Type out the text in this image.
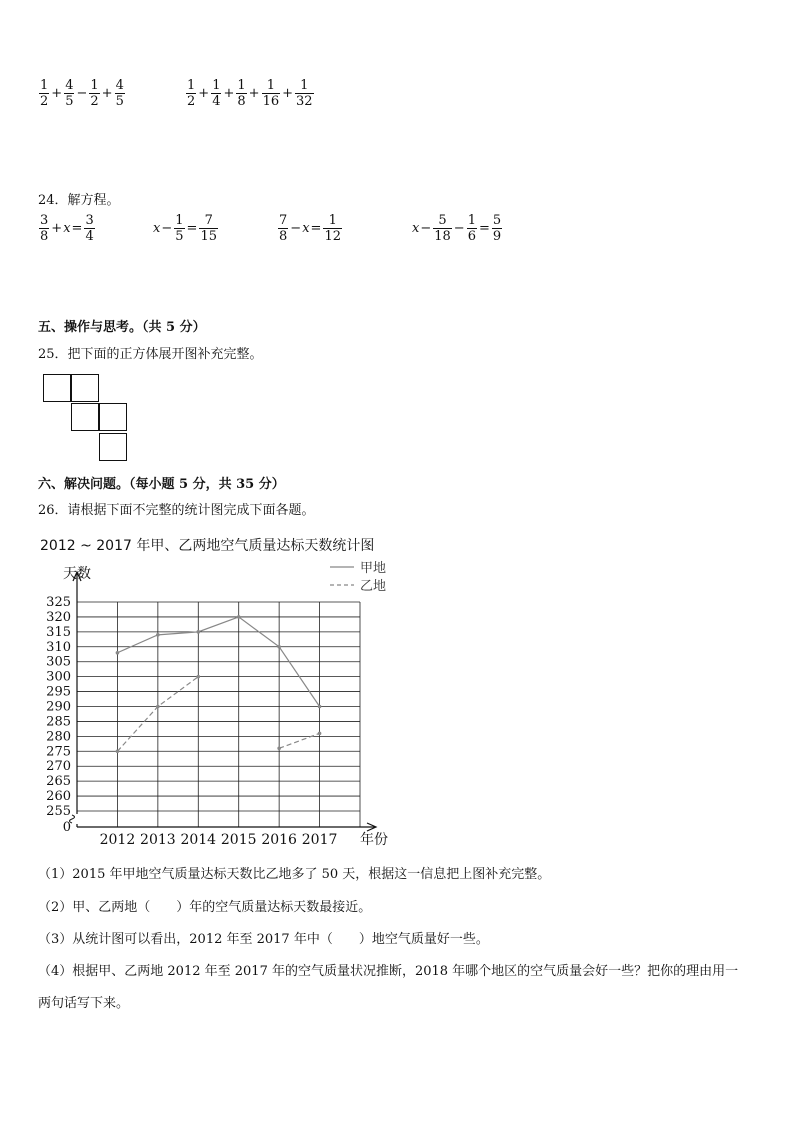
$\frac{1}{2} + \frac{4}{5} - \frac{1}{2} + \frac{4}{5}$	$\frac{1}{2} + \frac{1}{4} + \frac{1}{8} + \frac{1}{16} + \frac{1}{32}$
24．解方程。
$\frac{3}{8} + x = \frac{3}{4}$	$x - \frac{1}{5} = \frac{7}{15}$	$\frac{7}{8} - x = \frac{1}{12}$	$x - \frac{5}{18} - \frac{1}{6} = \frac{5}{9}$
五、操作与思考。（共 5 分）
25．把下面的正方体展开图补充完整。
六、解决问题。（每小题 5 分，共 35 分）
26．请根据下面不完整的统计图完成下面各题。
2012 ~ 2017 年甲、乙两地空气质量达标天数统计图
0
255
260
265
270
275
280
285
290
295
300
305
310
315
320
325
2012 2013 2014 2015 2016 2017
天数
年份
甲地
乙地
（1）2015 年甲地空气质量达标天数比乙地多了 50 天，根据这一信息把上图补充完整。
（2）甲、乙两地（　　）年的空气质量达标天数最接近。
（3）从统计图可以看出，2012 年至 2017 年中（　　）地空气质量好一些。
（4）根据甲、乙两地 2012 年至 2017 年的空气质量状况推断，2018 年哪个地区的空气质量会好一些？把你的理由用一
两句话写下来。
